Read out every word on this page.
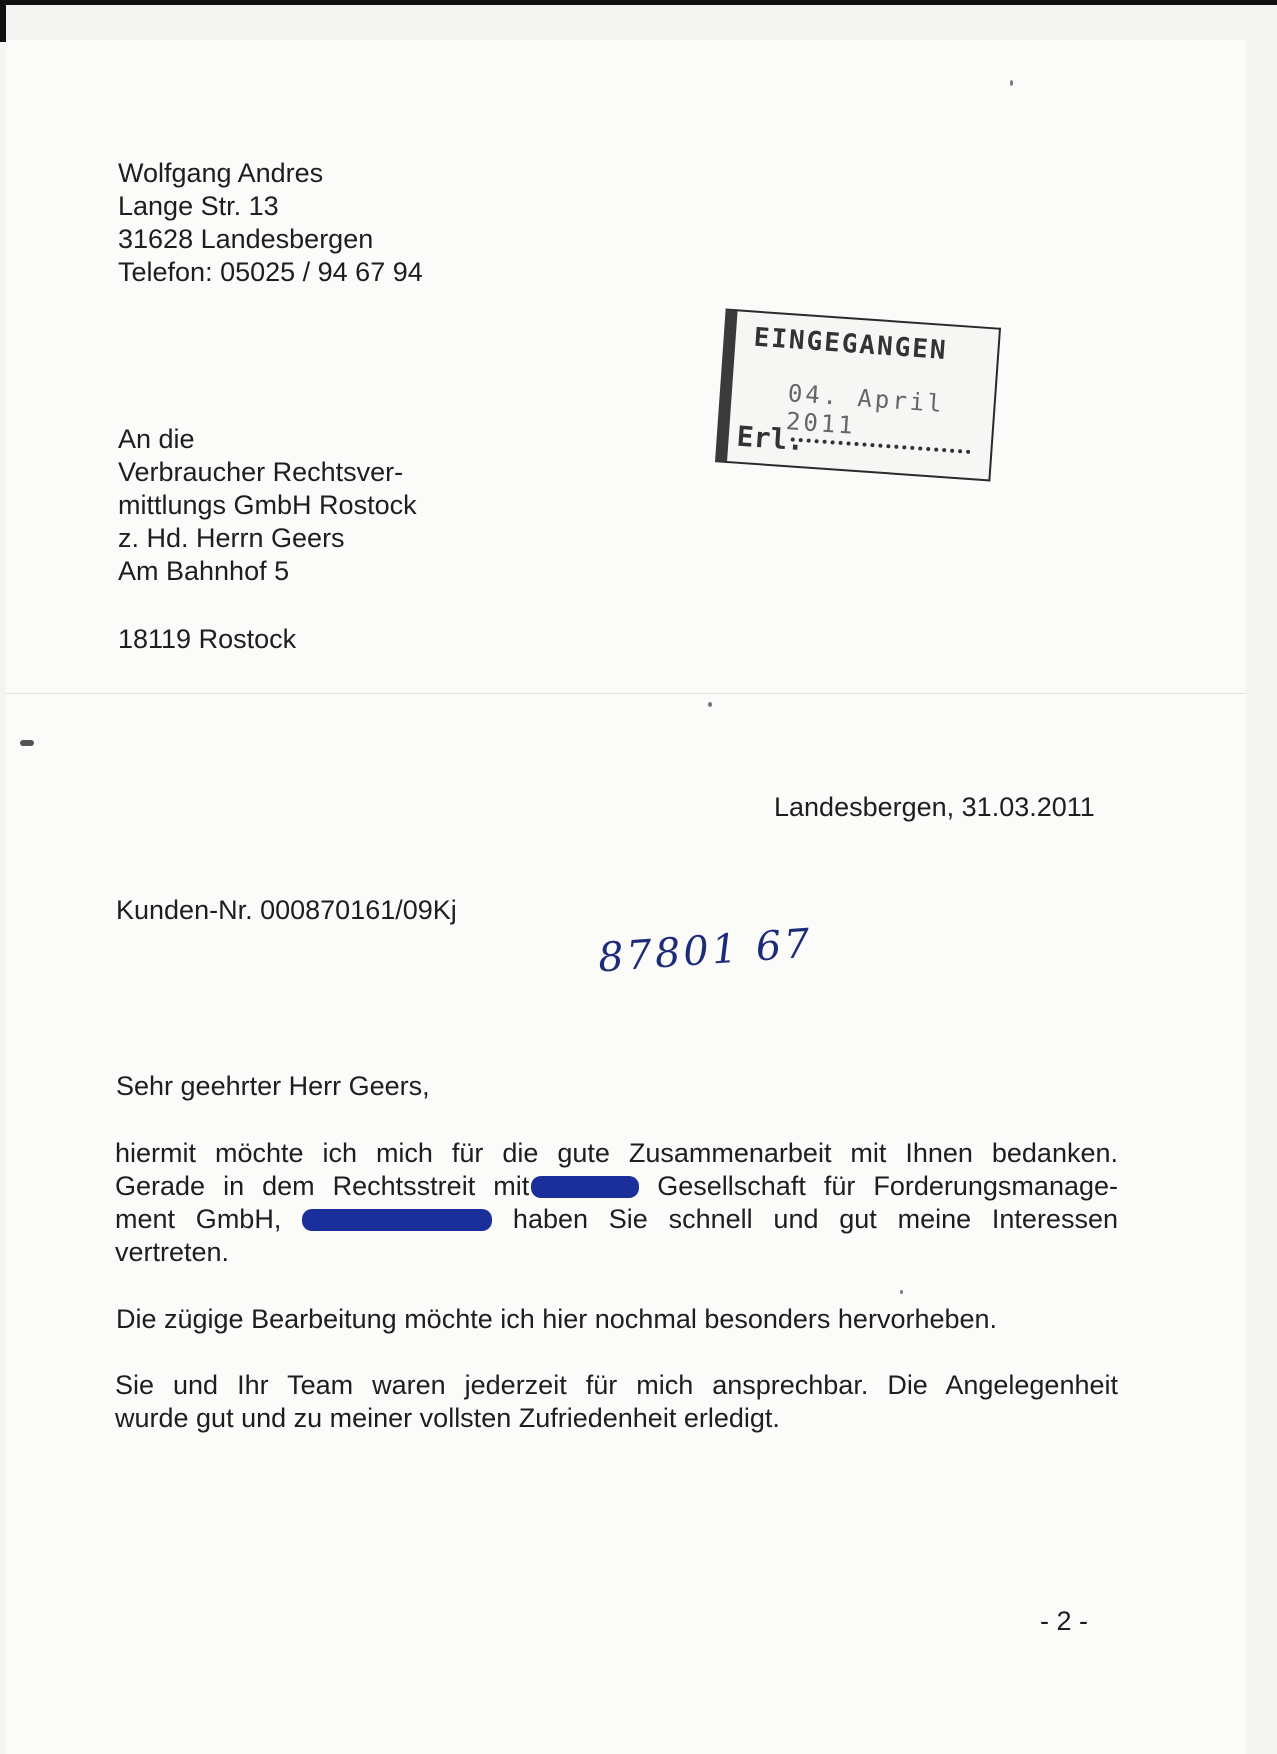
Wolfgang Andres
Lange Str. 13
31628 Landesbergen
Telefon: 05025 / 94 67 94
EINGEGANGEN
04. April 2011
Erl.
An die
Verbraucher Rechtsver-
mittlungs GmbH Rostock
z. Hd. Herrn Geers
Am Bahnhof 5
18119 Rostock
Landesbergen, 31.03.2011
Kunden-Nr. 000870161/09Kj
87801 67
Sehr geehrter Herr Geers,
hiermit möchte ich mich für die gute Zusammenarbeit mit Ihnen bedanken.
Gerade in dem Rechtsstreit mit	Gesellschaft für Forderungsmanage-
ment GmbH,	haben Sie schnell und gut meine Interessen
vertreten.
Die zügige Bearbeitung möchte ich hier nochmal besonders hervorheben.
Sie und Ihr Team waren jederzeit für mich ansprechbar. Die Angelegenheit
wurde gut und zu meiner vollsten Zufriedenheit erledigt.
- 2 -
